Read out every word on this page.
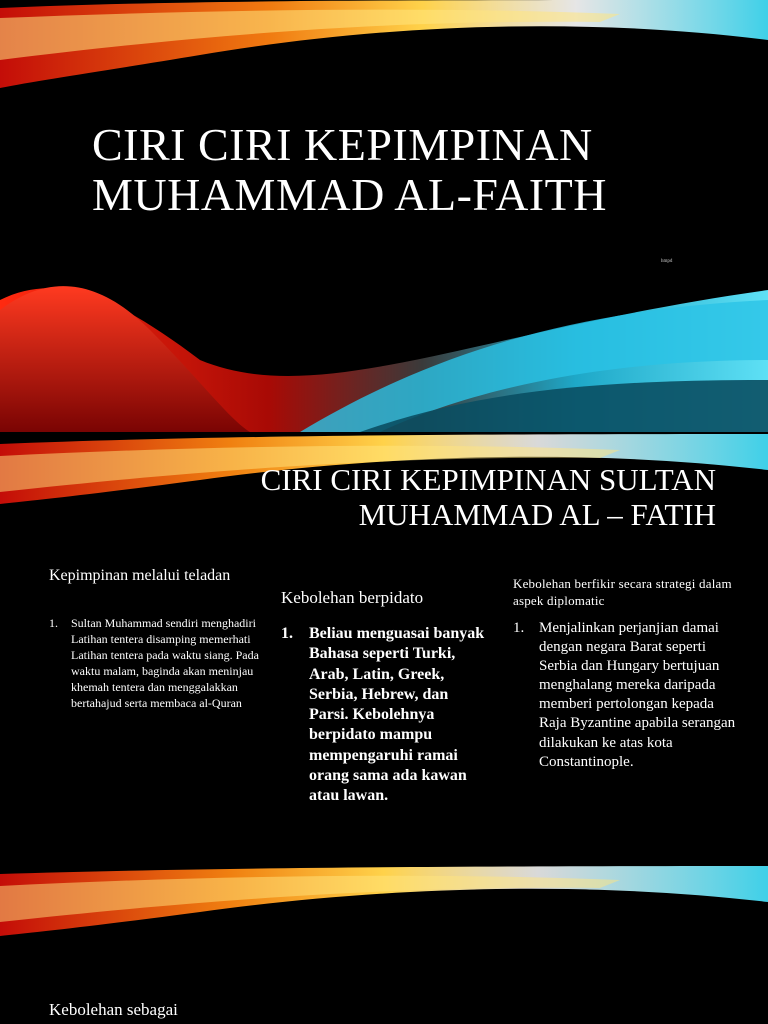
CIRI CIRI KEPIMPINAN MUHAMMAD AL-FAITH
hmpd
CIRI CIRI KEPIMPINAN SULTAN MUHAMMAD AL – FATIH
Kepimpinan melalui teladan
1.	Sultan Muhammad sendiri menghadiri Latihan tentera disamping memerhati Latihan tentera pada waktu siang. Pada waktu malam, baginda akan meninjau khemah tentera dan menggalakkan bertahajud serta membaca al-Quran
Kebolehan berpidato
1.	Beliau menguasai banyak Bahasa seperti Turki, Arab, Latin, Greek, Serbia, Hebrew, dan Parsi. Kebolehnya berpidato mampu mempengaruhi ramai orang sama ada kawan atau lawan.
Kebolehan berfikir secara strategi dalam aspek diplomatic
1. Menjalinkan perjanjian damai dengan negara Barat seperti Serbia dan Hungary bertujuan menghalang mereka daripada memberi pertolongan kepada Raja Byzantine apabila serangan dilakukan ke atas kota Constantinople.
Kebolehan sebagai
